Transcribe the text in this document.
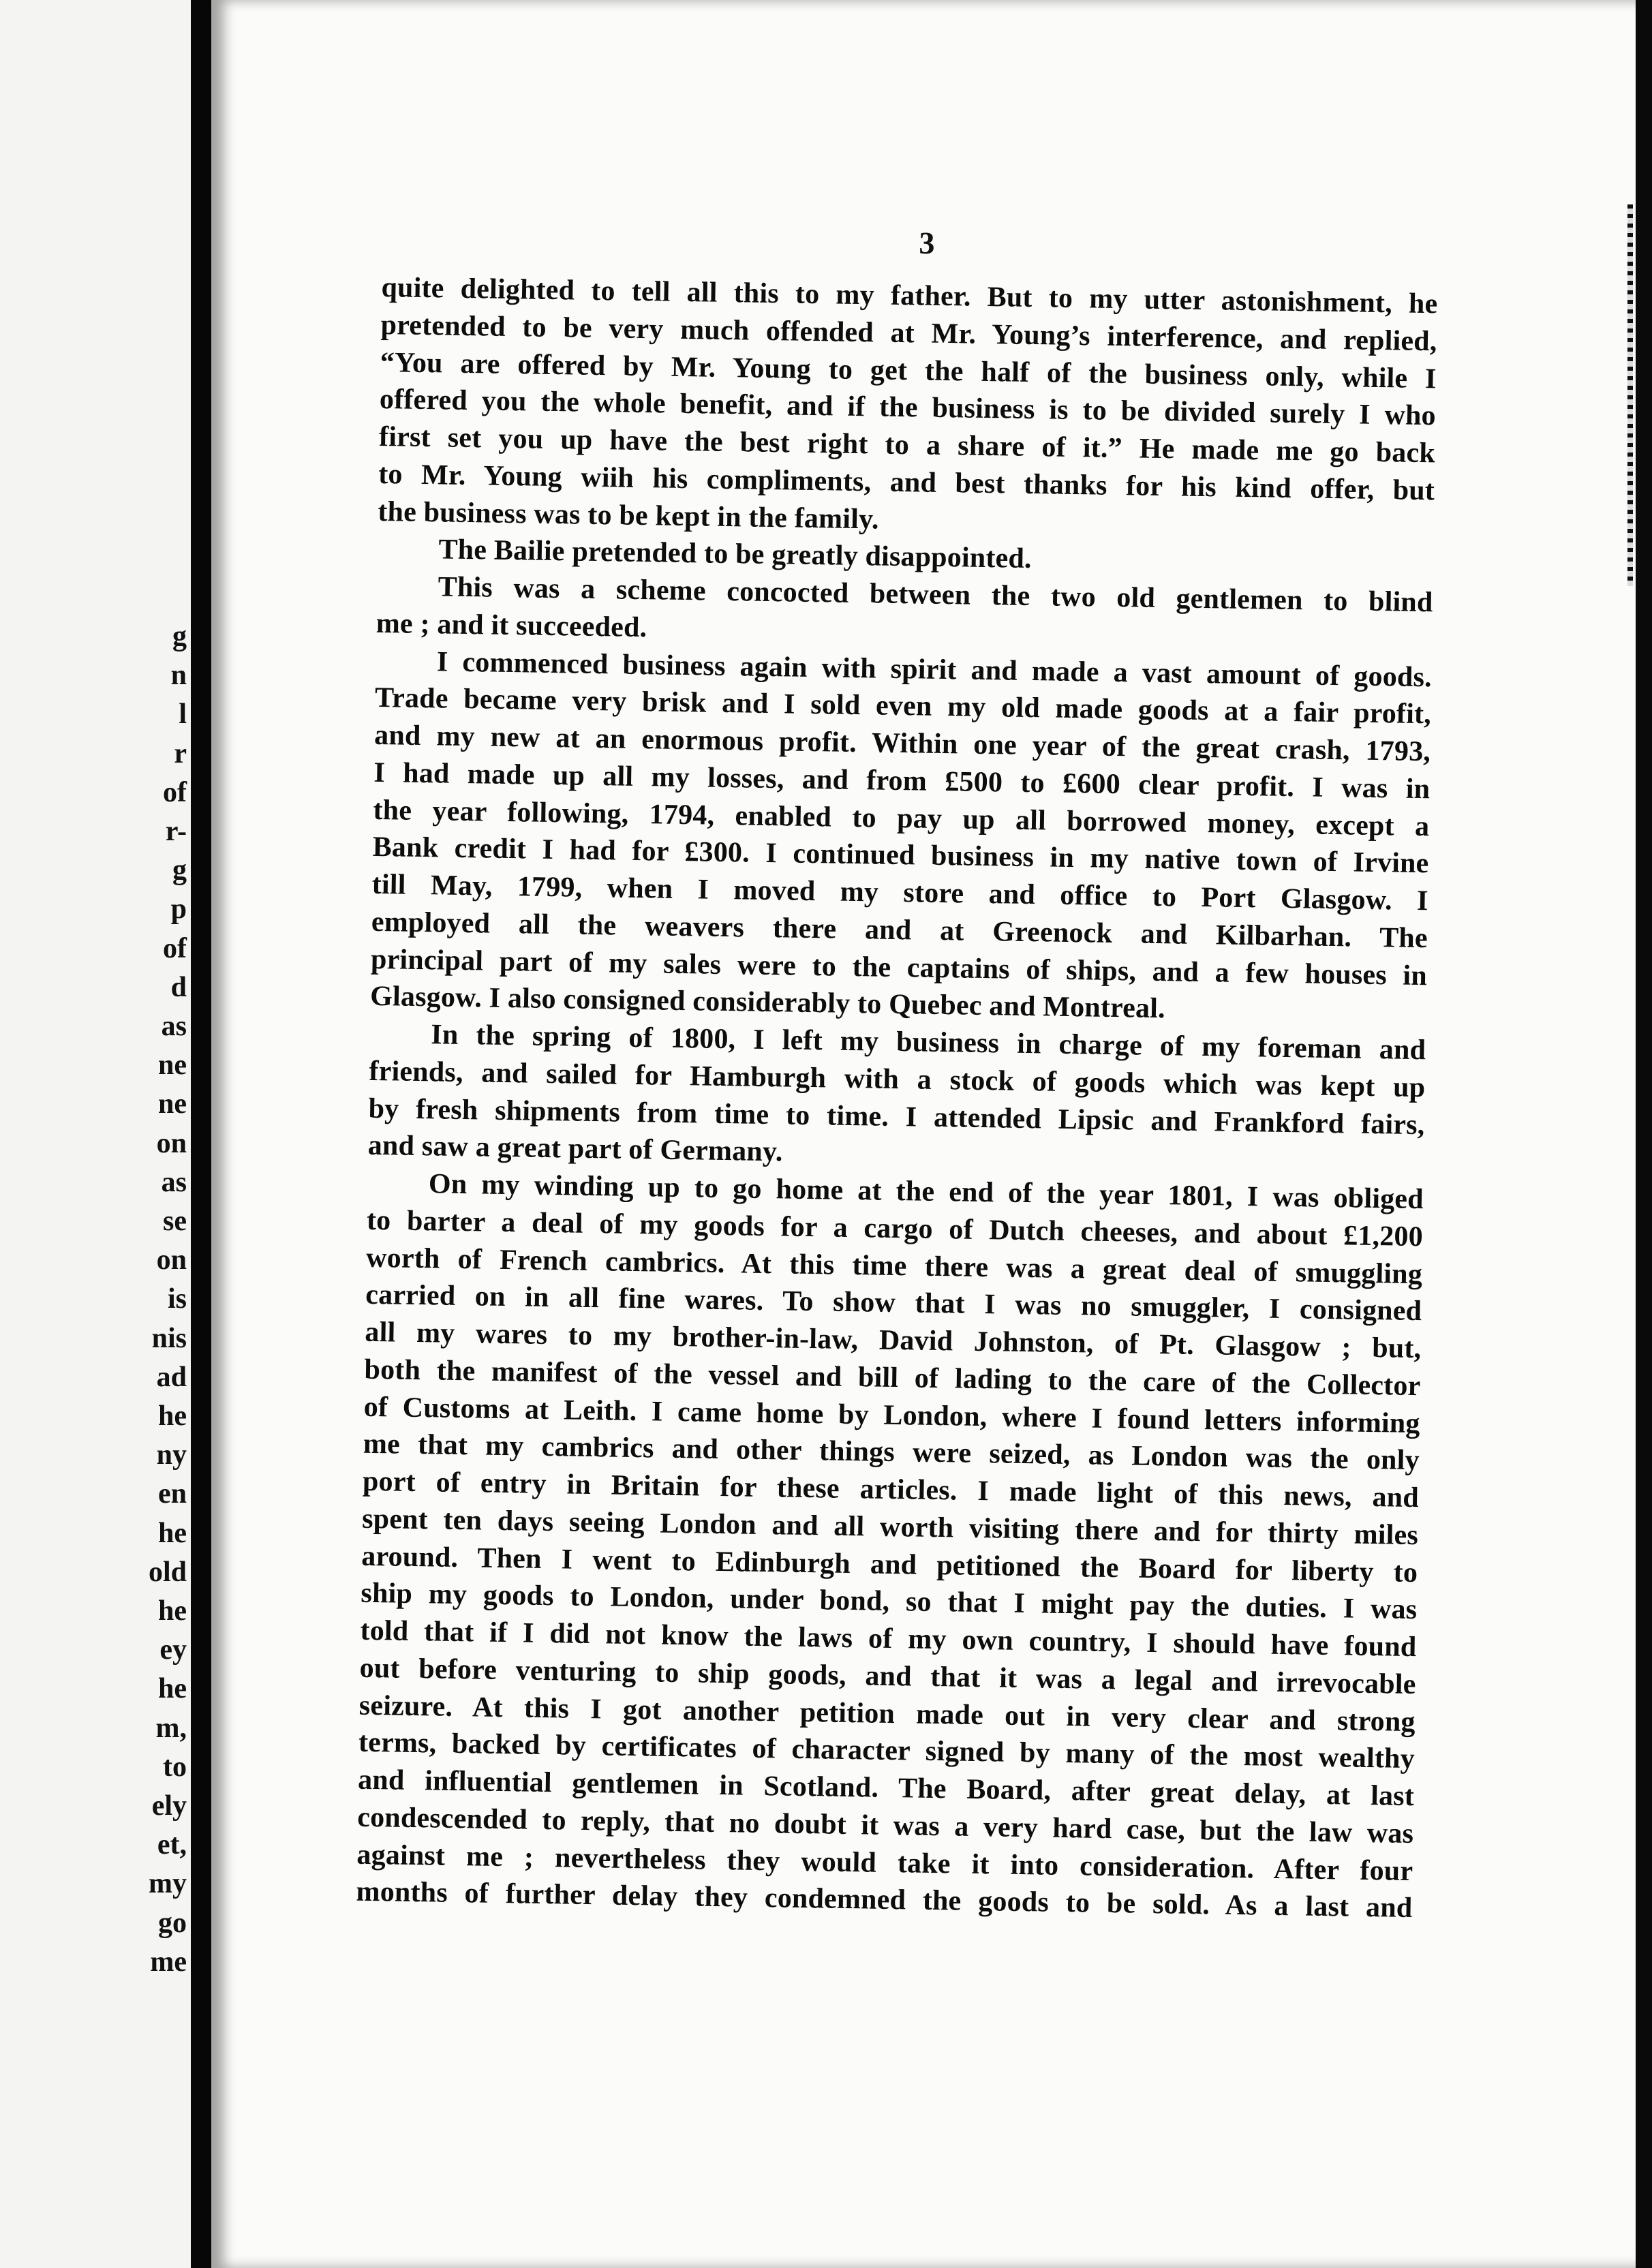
g

n

l

r

of

r-

g

p

of

d

as

ne

ne

on

as

se

on

is

nis

ad

he

ny

en

he

old

he

ey

he

m,

to

ely

et,

my

go

me

3
quite delighted to tell all this to my father. But to my utter astonishment, he
pretended to be very much offended at Mr. Young’s interference, and replied,
“You are offered by Mr. Young to get the half of the business only, while I
offered you the whole benefit, and if the business is to be divided surely I who
first set you up have the best right to a share of it.” He made me go back
to Mr. Young wiih his compliments, and best thanks for his kind offer, but
the business was to be kept in the family.
The Bailie pretended to be greatly disappointed.
This was a scheme concocted between the two old gentlemen to blind
me ; and it succeeded.
I commenced business again with spirit and made a vast amount of goods.
Trade became very brisk and I sold even my old made goods at a fair profit,
and my new at an enormous profit. Within one year of the great crash, 1793,
I had made up all my losses, and from £500 to £600 clear profit. I was in
the year following, 1794, enabled to pay up all borrowed money, except a
Bank credit I had for £300. I continued business in my native town of Irvine
till May, 1799, when I moved my store and office to Port Glasgow. I
employed all the weavers there and at Greenock and Kilbarhan. The
principal part of my sales were to the captains of ships, and a few houses in
Glasgow. I also consigned considerably to Quebec and Montreal.
In the spring of 1800, I left my business in charge of my foreman and
friends, and sailed for Hamburgh with a stock of goods which was kept up
by fresh shipments from time to time. I attended Lipsic and Frankford fairs,
and saw a great part of Germany.
On my winding up to go home at the end of the year 1801, I was obliged
to barter a deal of my goods for a cargo of Dutch cheeses, and about £1,200
worth of French cambrics. At this time there was a great deal of smuggling
carried on in all fine wares. To show that I was no smuggler, I consigned
all my wares to my brother-in-law, David Johnston, of Pt. Glasgow ; but,
both the manifest of the vessel and bill of lading to the care of the Collector
of Customs at Leith. I came home by London, where I found letters informing
me that my cambrics and other things were seized, as London was the only
port of entry in Britain for these articles. I made light of this news, and
spent ten days seeing London and all worth visiting there and for thirty miles
around. Then I went to Edinburgh and petitioned the Board for liberty to
ship my goods to London, under bond, so that I might pay the duties. I was
told that if I did not know the laws of my own country, I should have found
out before venturing to ship goods, and that it was a legal and irrevocable
seizure. At this I got another petition made out in very clear and strong
terms, backed by certificates of character signed by many of the most wealthy
and influential gentlemen in Scotland. The Board, after great delay, at last
condescended to reply, that no doubt it was a very hard case, but the law was
against me ; nevertheless they would take it into consideration. After four
months of further delay they condemned the goods to be sold. As a last and
